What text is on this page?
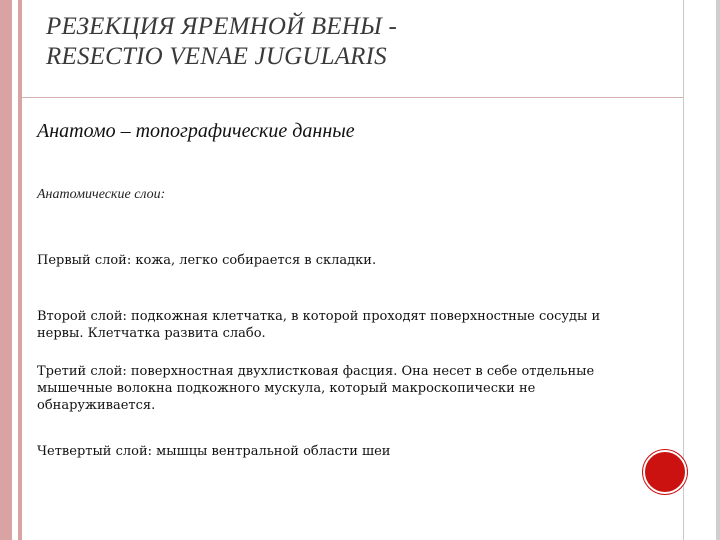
РЕЗЕКЦИЯ ЯРЕМНОЙ ВЕНЫ -
RESECTIO VENAE JUGULARIS
Анатомо – топографические данные
Анатомические слои:
Первый слой: кожа, легко собирается в складки.
Второй слой: подкожная клетчатка, в которой проходят поверхностные сосуды и нервы. Клетчатка развита слабо.
Третий слой: поверхностная двухлистковая фасция. Она несет в себе отдельные мышечные волокна подкожного мускула, который макроскопически не обнаруживается.
Четвертый слой: мышцы вентральной области шеи
